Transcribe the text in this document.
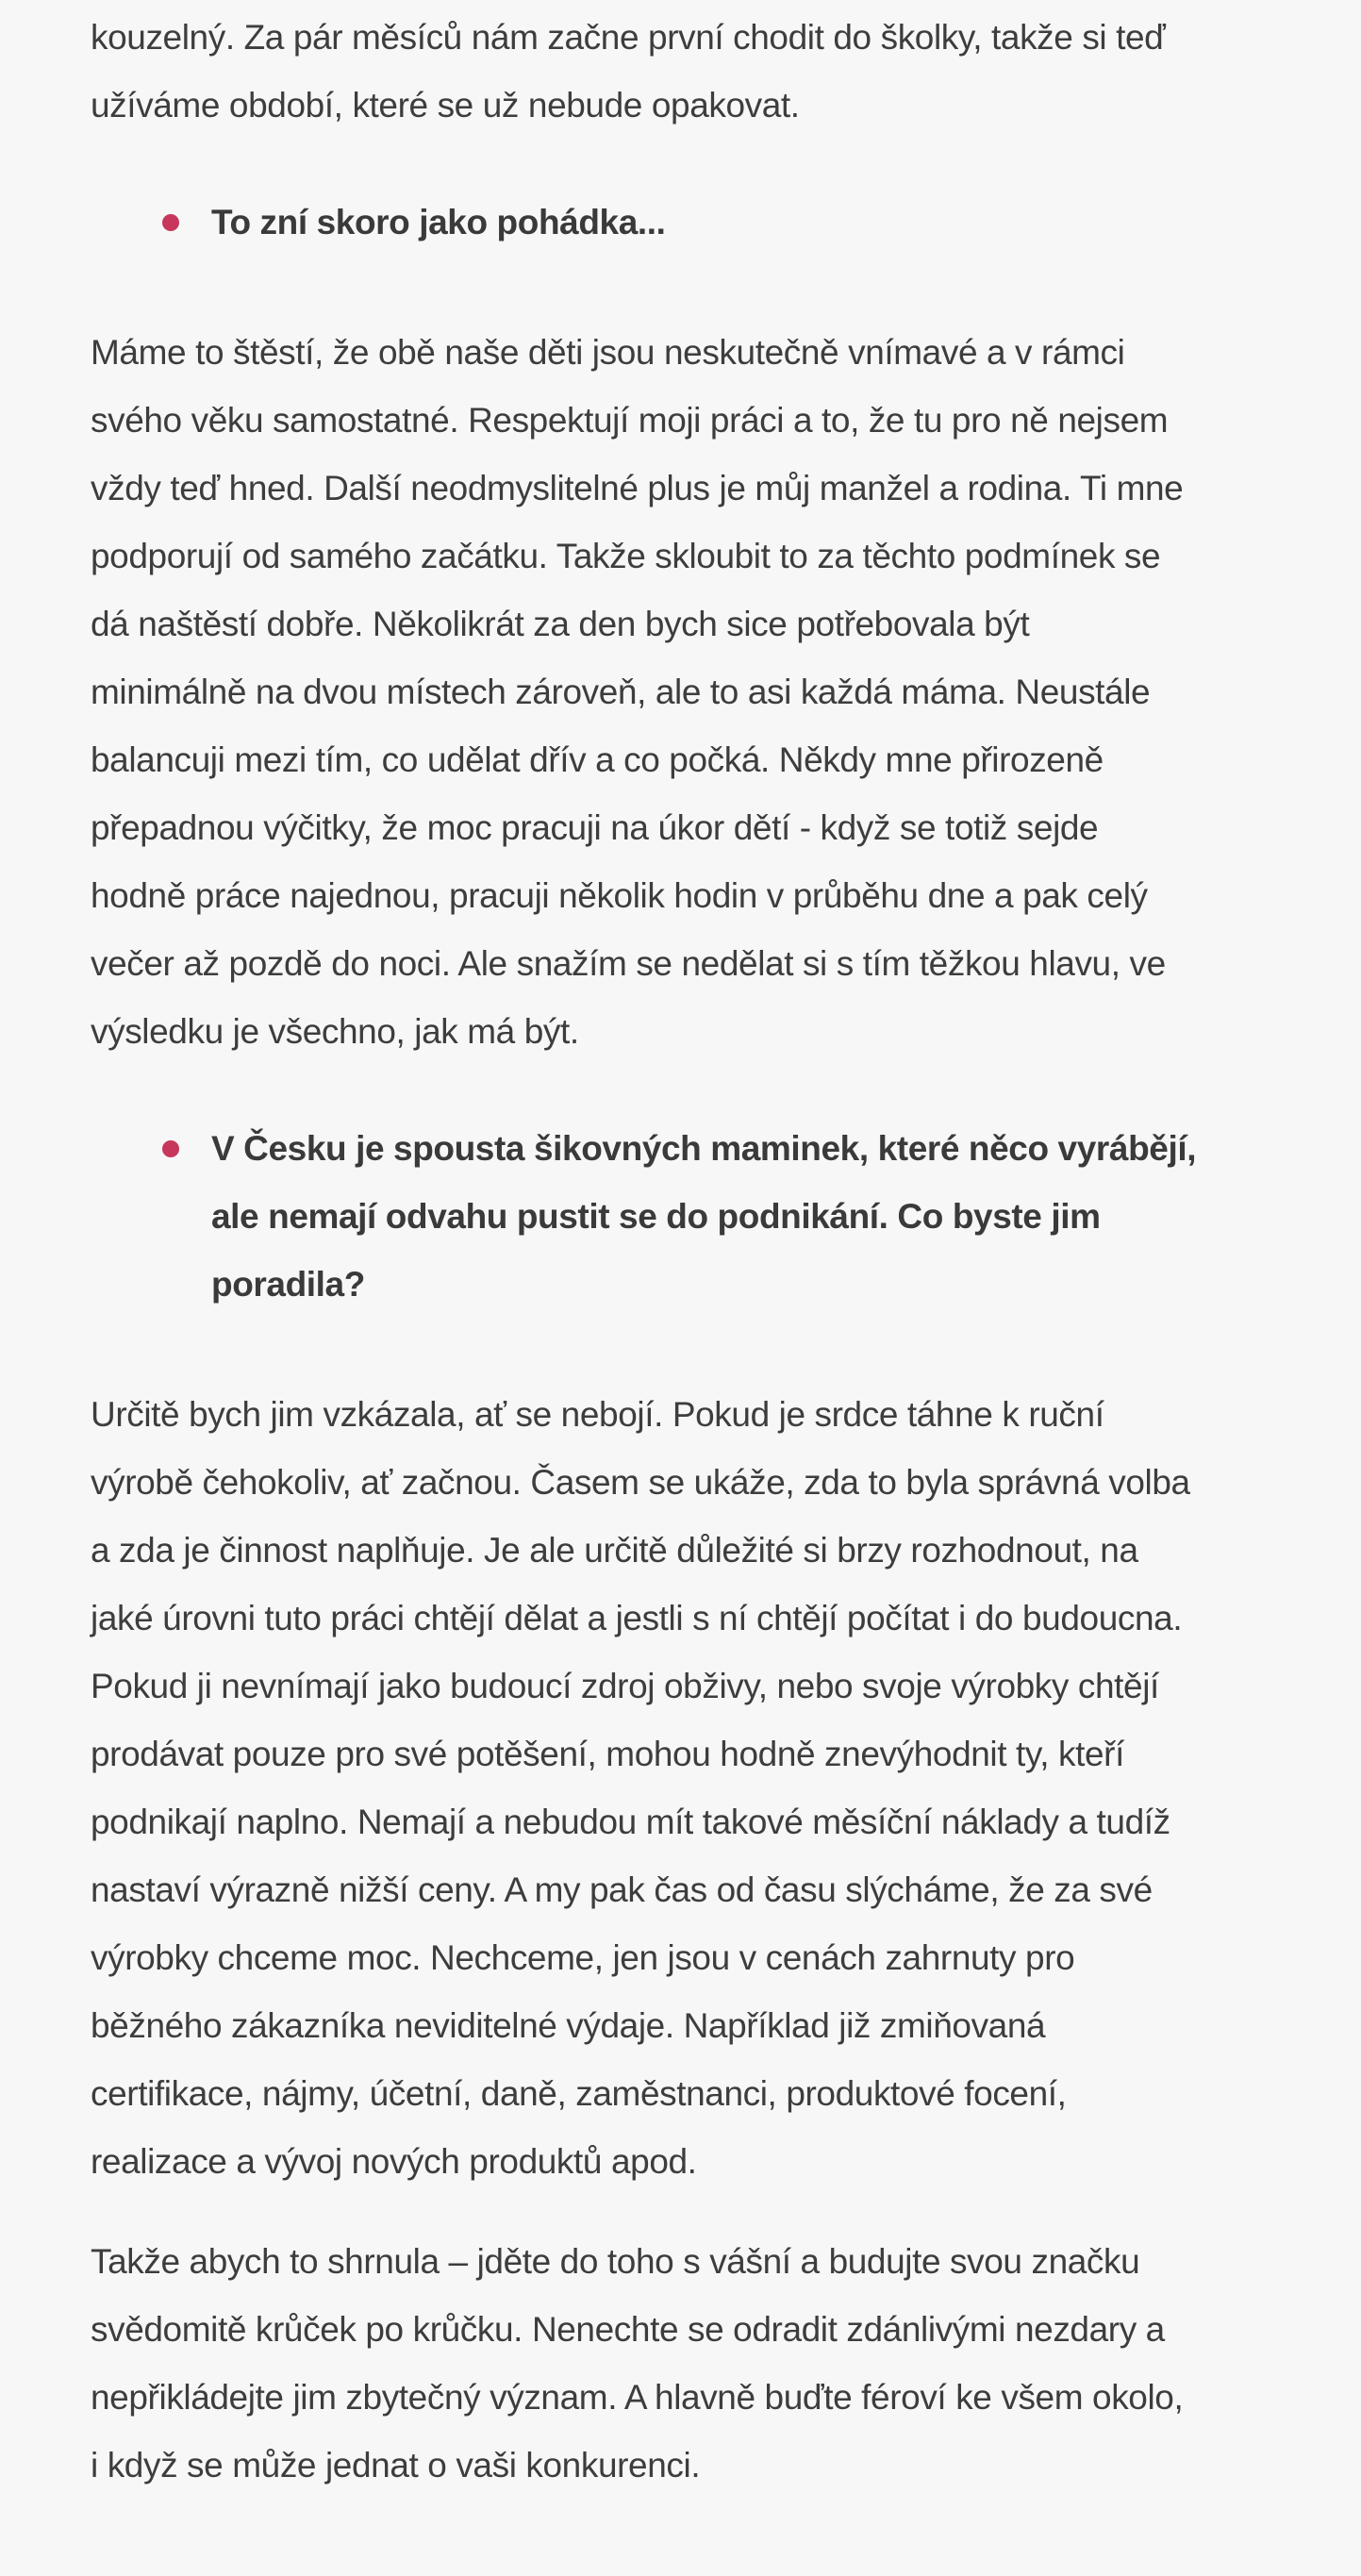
kouzelný. Za pár měsíců nám začne první chodit do školky, takže si teď užíváme období, které se už nebude opakovat.

To zní skoro jako pohádka...

Máme to štěstí, že obě naše děti jsou neskutečně vnímavé a v rámci svého věku samostatné. Respektují moji práci a to, že tu pro ně nejsem vždy teď hned. Další neodmyslitelné plus je můj manžel a rodina. Ti mne podporují od samého začátku. Takže skloubit to za těchto podmínek se dá naštěstí dobře. Několikrát za den bych sice potřebovala být minimálně na dvou místech zároveň, ale to asi každá máma. Neustále balancuji mezi tím, co udělat dřív a co počká. Někdy mne přirozeně přepadnou výčitky, že moc pracuji na úkor dětí - když se totiž sejde hodně práce najednou, pracuji několik hodin v průběhu dne a pak celý večer až pozdě do noci. Ale snažím se nedělat si s tím těžkou hlavu, ve výsledku je všechno, jak má být.

V Česku je spousta šikovných maminek, které něco vyrábějí, ale nemají odvahu pustit se do podnikání. Co byste jim poradila?

Určitě bych jim vzkázala, ať se nebojí. Pokud je srdce táhne k ruční výrobě čehokoliv, ať začnou. Časem se ukáže, zda to byla správná volba a zda je činnost naplňuje. Je ale určitě důležité si brzy rozhodnout, na jaké úrovni tuto práci chtějí dělat a jestli s ní chtějí počítat i do budoucna. Pokud ji nevnímají jako budoucí zdroj obživy, nebo svoje výrobky chtějí prodávat pouze pro své potěšení, mohou hodně znevýhodnit ty, kteří podnikají naplno. Nemají a nebudou mít takové měsíční náklady a tudíž nastaví výrazně nižší ceny. A my pak čas od času slýcháme, že za své výrobky chceme moc. Nechceme, jen jsou v cenách zahrnuty pro běžného zákazníka neviditelné výdaje. Například již zmiňovaná certifikace, nájmy, účetní, daně, zaměstnanci, produktové focení, realizace a vývoj nových produktů apod.

Takže abych to shrnula – jděte do toho s vášní a budujte svou značku svědomitě krůček po krůčku. Nenechte se odradit zdánlivými nezdary a nepřikládejte jim zbytečný význam. A hlavně buďte féroví ke všem okolo, i když se může jednat o vaši konkurenci.
